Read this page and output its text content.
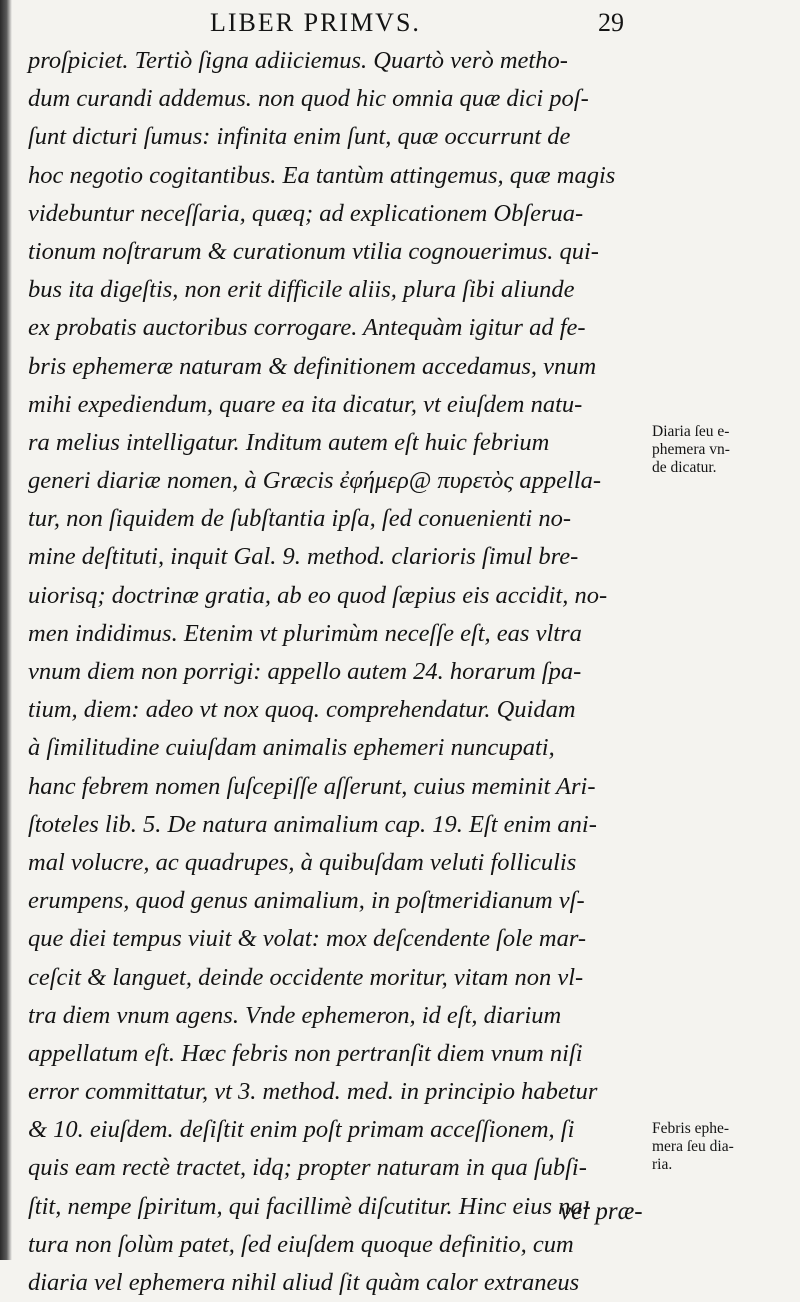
LIBER PRIMVS.	29
proſpiciet. Tertiò ſigna adiiciemus. Quartò verò metho-
dum curandi addemus. non quod hic omnia quæ dici poſ-
ſunt dicturi ſumus: infinita enim ſunt, quæ occurrunt de
hoc negotio cogitantibus. Ea tantùm attingemus, quæ magis
videbuntur neceſſaria, quæq; ad explicationem Obſerua-
tionum noſtrarum & curationum vtilia cognouerimus. qui-
bus ita digeſtis, non erit difficile aliis, plura ſibi aliunde
ex probatis auctoribus corrogare. Antequàm igitur ad fe-
bris ephemeræ naturam & definitionem accedamus, vnum
mihi expediendum, quare ea ita dicatur, vt eiuſdem natu-
ra melius intelligatur. Inditum autem eſt huic febrium
generi diariæ nomen, à Græcis ἐφήμερ@ πυρετὸς appella-
tur, non ſiquidem de ſubſtantia ipſa, ſed conuenienti no-
mine deſtituti, inquit Gal. 9. method. clarioris ſimul bre-
uiorisq; doctrinæ gratia, ab eo quod ſæpius eis accidit, no-
men indidimus. Etenim vt plurimùm neceſſe eſt, eas vltra
vnum diem non porrigi: appello autem 24. horarum ſpa-
tium, diem: adeo vt nox quoq. comprehendatur. Quidam
à ſimilitudine cuiuſdam animalis ephemeri nuncupati,
hanc febrem nomen ſuſcepiſſe aſſerunt, cuius meminit Ari-
ſtoteles lib. 5. De natura animalium cap. 19. Eſt enim ani-
mal volucre, ac quadrupes, à quibuſdam veluti folliculis
erumpens, quod genus animalium, in poſtmeridianum vſ-
que diei tempus viuit & volat: mox deſcendente ſole mar-
ceſcit & languet, deinde occidente moritur, vitam non vl-
tra diem vnum agens. Vnde ephemeron, id eſt, diarium
appellatum eſt. Hæc febris non pertranſit diem vnum niſi
error committatur, vt 3. method. med. in principio habetur
& 10. eiuſdem. deſiſtit enim poſt primam acceſſionem, ſi
quis eam rectè tractet, idq; propter naturam in qua ſubſi-
ſtit, nempe ſpiritum, qui facillimè diſcutitur. Hinc eius na-
tura non ſolùm patet, ſed eiuſdem quoque definitio, cum
diaria vel ephemera nihil aliud ſit quàm calor extraneus
vel præ-
Diaria ſeu e-
phemera vn-
de dicatur.
Febris ephe-
mera ſeu dia-
ria.
